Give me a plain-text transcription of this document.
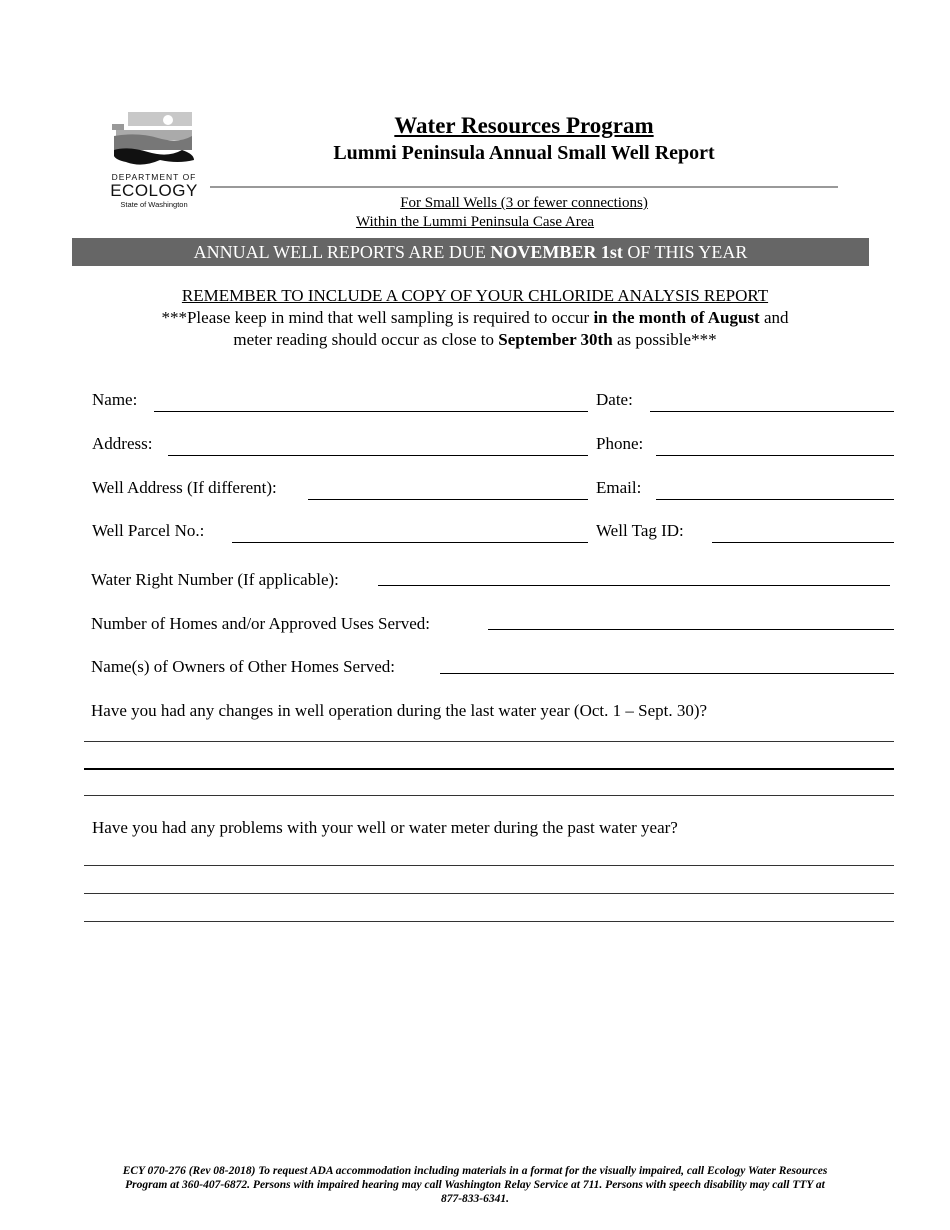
DEPARTMENT OF
ECOLOGY
State of Washington
Water Resources Program
Lummi Peninsula Annual Small Well Report
For Small Wells (3 or fewer connections)
Within the Lummi Peninsula Case Area
ANNUAL WELL REPORTS ARE DUE NOVEMBER 1st OF THIS YEAR
REMEMBER TO INCLUDE A COPY OF YOUR CHLORIDE ANALYSIS REPORT
***Please keep in mind that well sampling is required to occur in the month of August and
meter reading should occur as close to September 30th as possible***
Name:	Date:
Address:	Phone:
Well Address (If different):	Email:
Well Parcel No.:	Well Tag ID:
Water Right Number (If applicable):
Number of Homes and/or Approved Uses Served:
Name(s) of Owners of Other Homes Served:
Have you had any changes in well operation during the last water year (Oct. 1 – Sept. 30)?
Have you had any problems with your well or water meter during the past water year?
ECY 070-276 (Rev 08-2018) To request ADA accommodation including materials in a format for the visually impaired, call Ecology Water Resources
Program at 360-407-6872. Persons with impaired hearing may call Washington Relay Service at 711. Persons with speech disability may call TTY at
877-833-6341.
